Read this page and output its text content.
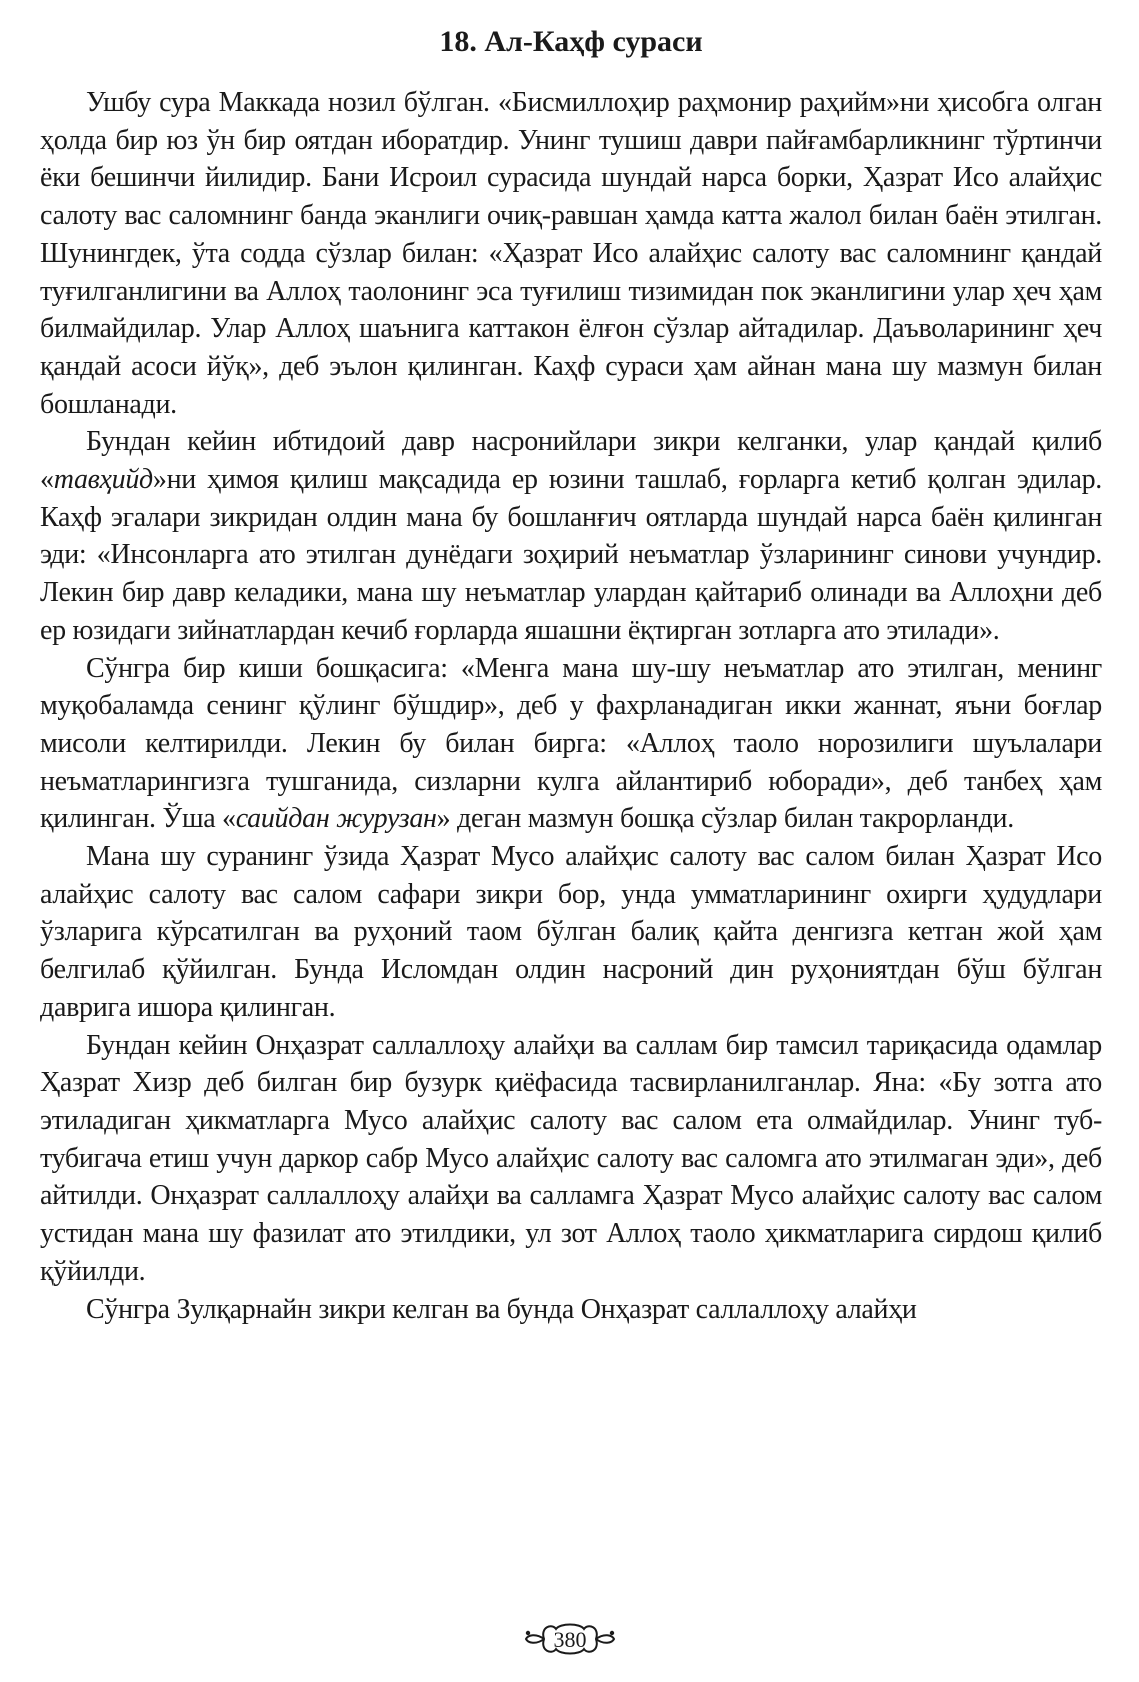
18. Ал-Каҳф сураси

Ушбу сура Маккада нозил бўлган. «Бисмиллоҳир раҳмонир раҳийм»ни ҳисобга олган ҳолда бир юз ўн бир оятдан иборатдир. Унинг тушиш даври пайғамбарликнинг тўртинчи ёки бешинчи йилидир. Бани Исроил сурасида шундай нарса борки, Ҳазрат Исо алайҳис салоту вас саломнинг банда эканлиги очиқ-равшан ҳамда катта жалол билан баён этилган. Шунингдек, ўта содда сўзлар билан: «Ҳазрат Исо алайҳис салоту вас саломнинг қандай туғилганлигини ва Аллоҳ таолонинг эса туғилиш тизимидан пок эканлигини улар ҳеч ҳам билмайдилар. Улар Аллоҳ шаънига каттакон ёлғон сўзлар айтадилар. Даъволарининг ҳеч қандай асоси йўқ», деб эълон қилинган. Каҳф сураси ҳам айнан мана шу мазмун билан бошланади.

Бундан кейин ибтидоий давр насронийлари зикри келганки, улар қандай қилиб «тавҳийд»ни ҳимоя қилиш мақсадида ер юзини ташлаб, ғорларга кетиб қолган эдилар. Каҳф эгалари зикридан олдин мана бу бошланғич оятларда шундай нарса баён қилинган эди: «Инсонларга ато этилган дунёдаги зоҳирий неъматлар ўзларининг синови учундир. Лекин бир давр келадики, мана шу неъматлар улардан қайтариб олинади ва Аллоҳни деб ер юзидаги зийнатлардан кечиб ғорларда яшашни ёқтирган зотларга ато этилади».

Сўнгра бир киши бошқасига: «Менга мана шу-шу неъматлар ато этилган, менинг муқобаламда сенинг қўлинг бўшдир», деб у фахрланадиган икки жаннат, яъни боғлар мисоли келтирилди. Лекин бу билан бирга: «Аллоҳ таоло норозилиги шуълалари неъматларингизга тушганида, сизларни кулга айлантириб юборади», деб танбеҳ ҳам қилинган. Ўша «саийдан журузан» деган мазмун бошқа сўзлар билан такрорланди.

Мана шу суранинг ўзида Ҳазрат Мусо алайҳис салоту вас салом билан Ҳазрат Исо алайҳис салоту вас салом сафари зикри бор, унда умматларининг охирги ҳудудлари ўзларига кўрсатилган ва руҳоний таом бўлган балиқ қайта денгизга кетган жой ҳам белгилаб қўйилган. Бунда Исломдан олдин насроний дин руҳониятдан бўш бўлган даврига ишора қилинган.

Бундан кейин Онҳазрат саллаллоҳу алайҳи ва саллам бир тамсил тариқасида одамлар Ҳазрат Хизр деб билган бир бузурк қиёфасида тасвирланилганлар. Яна: «Бу зотга ато этиладиган ҳикматларга Мусо алайҳис салоту вас салом ета олмайдилар. Унинг туб-тубигача етиш учун даркор сабр Мусо алайҳис салоту вас саломга ато этилмаган эди», деб айтилди. Онҳазрат саллаллоҳу алайҳи ва салламга Ҳазрат Мусо алайҳис салоту вас салом устидан мана шу фазилат ато этилдики, ул зот Аллоҳ таоло ҳикматларига сирдош қилиб қўйилди.

Сўнгра Зулқарнайн зикри келган ва бунда Онҳазрат саллаллоҳу алайҳи

380
